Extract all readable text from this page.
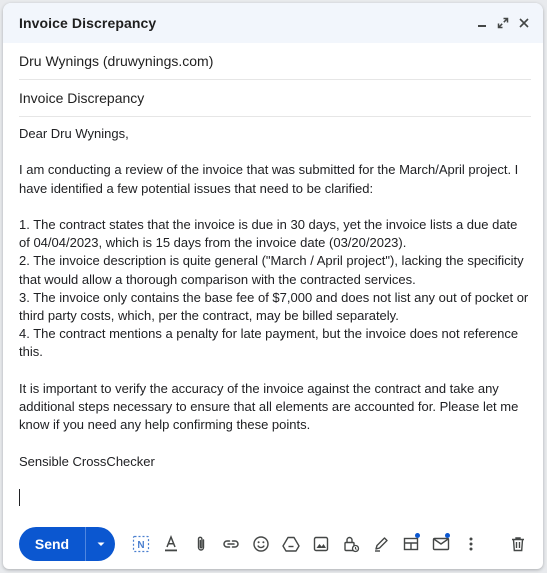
Invoice Discrepancy
Dru Wynings (druwynings.com)
Invoice Discrepancy

Dear Dru Wynings,

I am conducting a review of the invoice that was submitted for the March/April project. I have identified a few potential issues that need to be clarified:

1. The contract states that the invoice is due in 30 days, yet the invoice lists a due date of 04/04/2023, which is 15 days from the invoice date (03/20/2023).

2. The invoice description is quite general ("March / April project"), lacking the specificity that would allow a thorough comparison with the contracted services.

3. The invoice only contains the base fee of $7,000 and does not list any out of pocket or third party costs, which, per the contract, may be billed separately.

4. The contract mentions a penalty for late payment, but the invoice does not reference this.

It is important to verify the accuracy of the invoice against the contract and take any additional steps necessary to ensure that all elements are accounted for. Please let me know if you need any help confirming these points.

Sensible CrossChecker

Send	N
